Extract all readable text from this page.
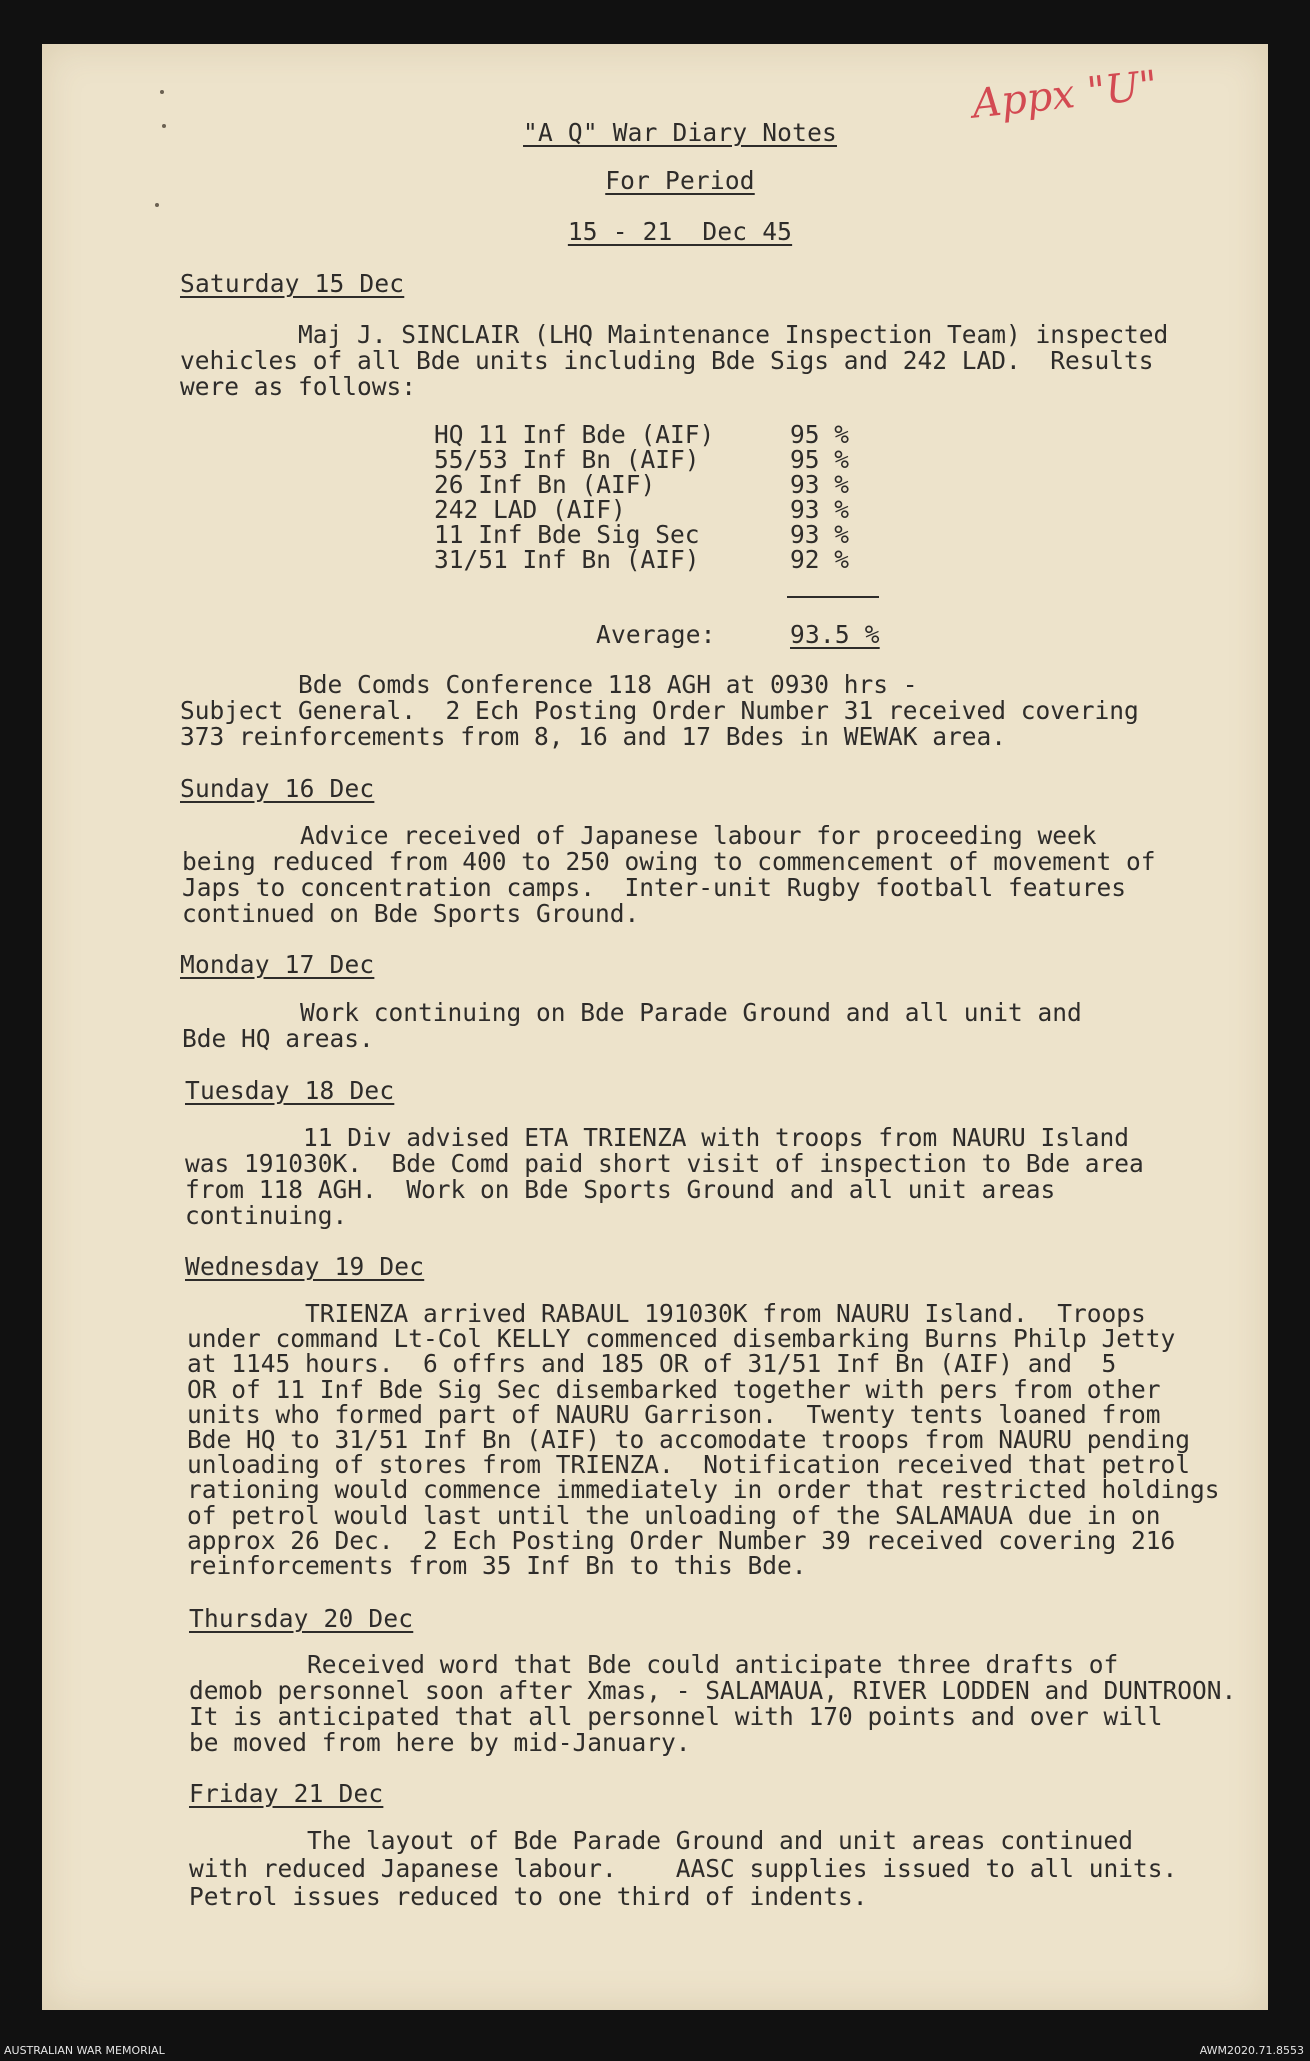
Appx "U"
"A Q" War Diary Notes
For Period
15 - 21  Dec 45
Saturday 15 Dec
Maj J. SINCLAIR (LHQ Maintenance Inspection Team) inspected
vehicles of all Bde units including Bde Sigs and 242 LAD.  Results
were as follows:
HQ 11 Inf Bde (AIF)	95 %
55/53 Inf Bn (AIF)	95 %
26 Inf Bn (AIF)	93 %
242 LAD (AIF)	93 %
11 Inf Bde Sig Sec	93 %
31/51 Inf Bn (AIF)	92 %
Average:	93.5 %
Bde Comds Conference 118 AGH at 0930 hrs -
Subject General.  2 Ech Posting Order Number 31 received covering
373 reinforcements from 8, 16 and 17 Bdes in WEWAK area.
Sunday 16 Dec
Advice received of Japanese labour for proceeding week
being reduced from 400 to 250 owing to commencement of movement of
Japs to concentration camps.  Inter-unit Rugby football features
continued on Bde Sports Ground.
Monday 17 Dec
Work continuing on Bde Parade Ground and all unit and
Bde HQ areas.
Tuesday 18 Dec
11 Div advised ETA TRIENZA with troops from NAURU Island
was 191030K.  Bde Comd paid short visit of inspection to Bde area
from 118 AGH.  Work on Bde Sports Ground and all unit areas
continuing.
Wednesday 19 Dec
TRIENZA arrived RABAUL 191030K from NAURU Island.  Troops
under command Lt-Col KELLY commenced disembarking Burns Philp Jetty
at 1145 hours.  6 offrs and 185 OR of 31/51 Inf Bn (AIF) and  5
OR of 11 Inf Bde Sig Sec disembarked together with pers from other
units who formed part of NAURU Garrison.  Twenty tents loaned from
Bde HQ to 31/51 Inf Bn (AIF) to accomodate troops from NAURU pending
unloading of stores from TRIENZA.  Notification received that petrol
rationing would commence immediately in order that restricted holdings
of petrol would last until the unloading of the SALAMAUA due in on
approx 26 Dec.  2 Ech Posting Order Number 39 received covering 216
reinforcements from 35 Inf Bn to this Bde.
Thursday 20 Dec
Received word that Bde could anticipate three drafts of
demob personnel soon after Xmas, - SALAMAUA, RIVER LODDEN and DUNTROON.
It is anticipated that all personnel with 170 points and over will
be moved from here by mid-January.
Friday 21 Dec
The layout of Bde Parade Ground and unit areas continued
with reduced Japanese labour.    AASC supplies issued to all units.
Petrol issues reduced to one third of indents.
AUSTRALIAN WAR MEMORIAL	AWM2020.71.8553
